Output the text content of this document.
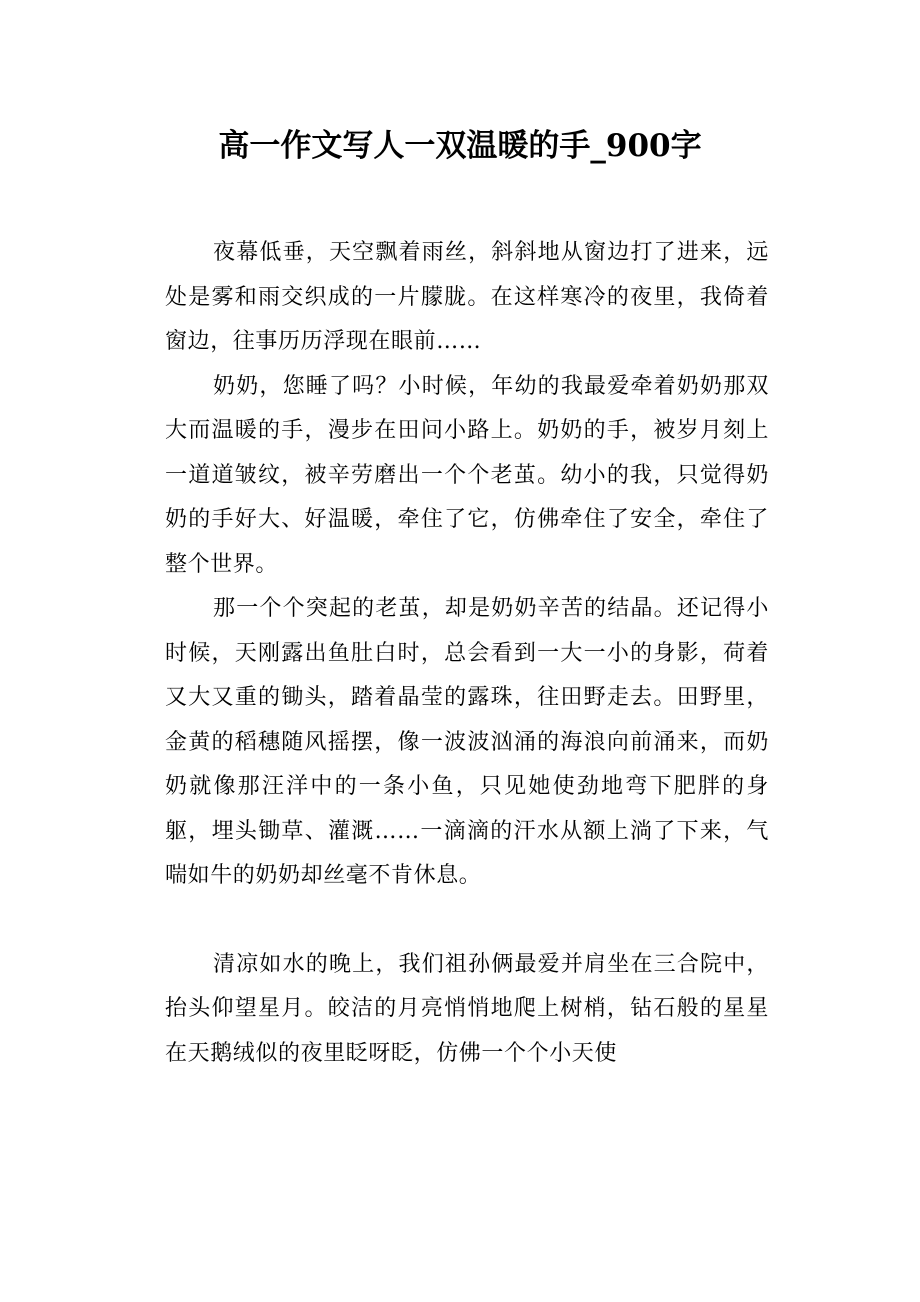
高一作文写人一双温暖的手_900字

夜幕低垂，天空飘着雨丝，斜斜地从窗边打了进来，远处是雾和雨交织成的一片朦胧。在这样寒冷的夜里，我倚着窗边，往事历历浮现在眼前……

奶奶，您睡了吗？小时候，年幼的我最爱牵着奶奶那双大而温暖的手，漫步在田问小路上。奶奶的手，被岁月刻上一道道皱纹，被辛劳磨出一个个老茧。幼小的我，只觉得奶奶的手好大、好温暖，牵住了它，仿佛牵住了安全，牵住了整个世界。

那一个个突起的老茧，却是奶奶辛苦的结晶。还记得小时候，天刚露出鱼肚白时，总会看到一大一小的身影，荷着又大又重的锄头，踏着晶莹的露珠，往田野走去。田野里，金黄的稻穗随风摇摆，像一波波汹涌的海浪向前涌来，而奶奶就像那汪洋中的一条小鱼，只见她使劲地弯下肥胖的身躯，埋头锄草、灌溉……一滴滴的汗水从额上淌了下来，气喘如牛的奶奶却丝毫不肯休息。

清凉如水的晚上，我们祖孙俩最爱并肩坐在三合院中，抬头仰望星月。皎洁的月亮悄悄地爬上树梢，钻石般的星星在天鹅绒似的夜里眨呀眨，仿佛一个个小天使
